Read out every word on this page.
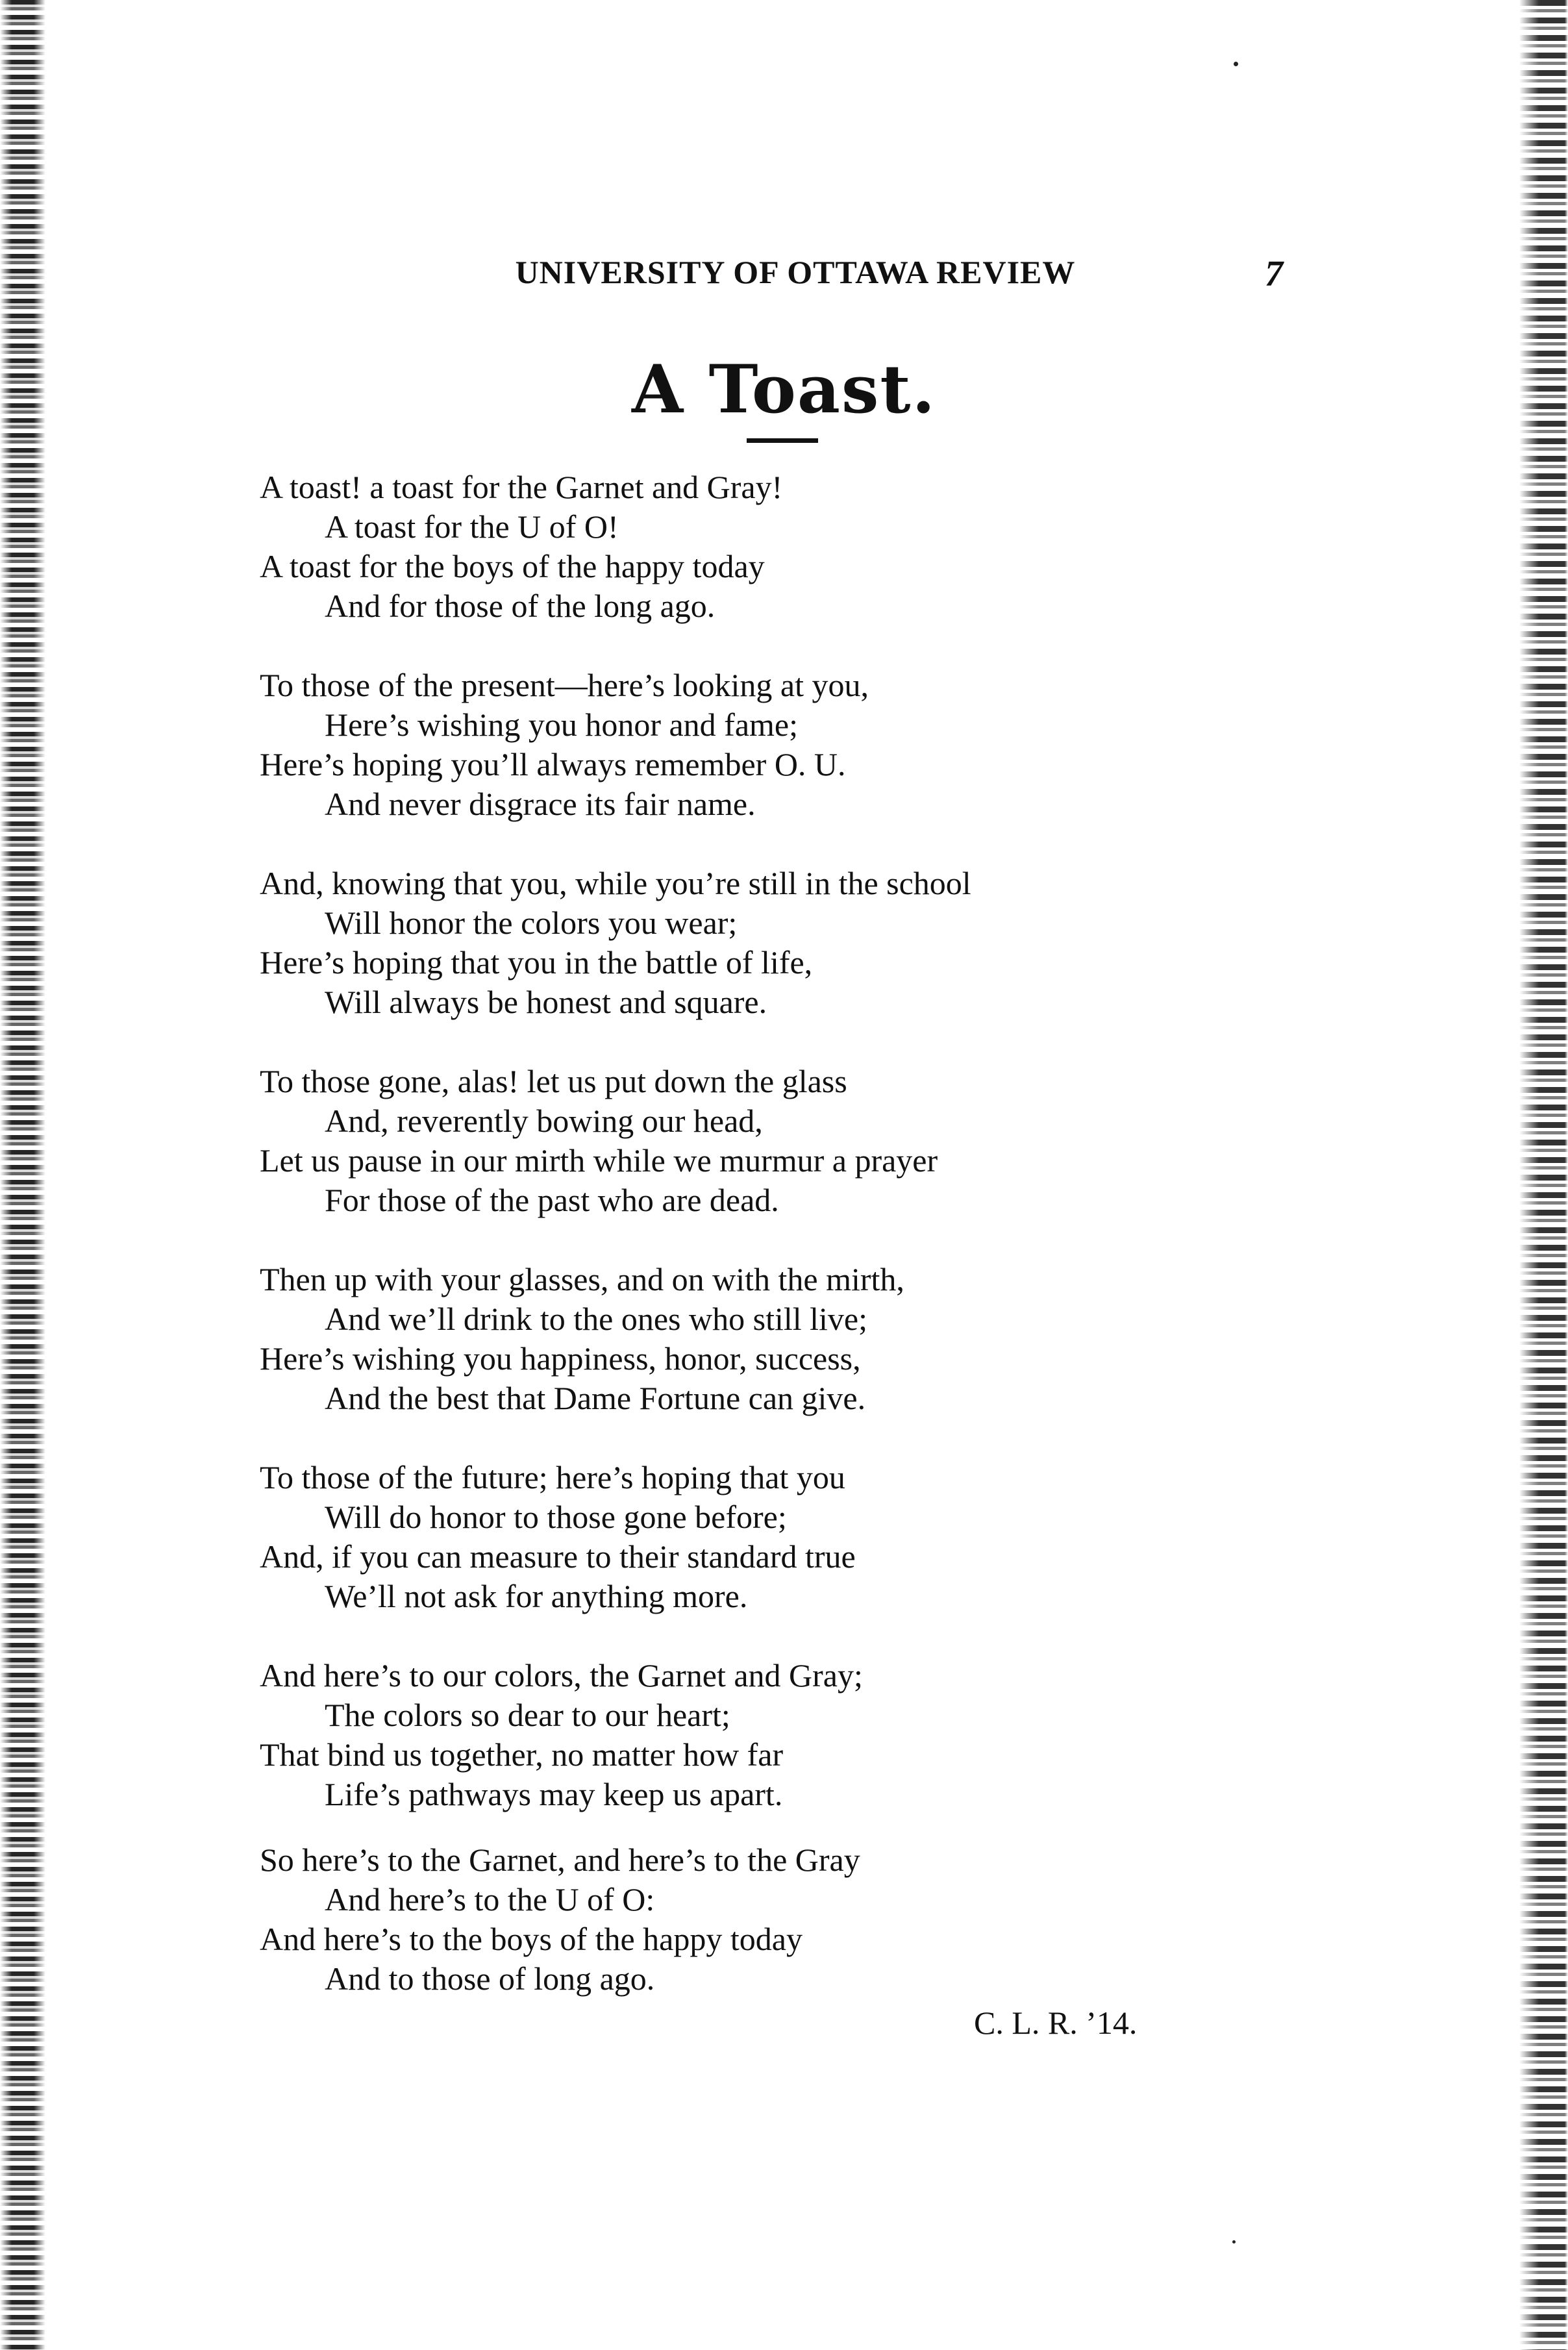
UNIVERSITY OF OTTAWA REVIEW	7
A Toast.
A toast! a toast for the Garnet and Gray!
A toast for the U of O!
A toast for the boys of the happy today
And for those of the long ago.
To those of the present—here’s looking at you,
Here’s wishing you honor and fame;
Here’s hoping you’ll always remember O. U.
And never disgrace its fair name.
And, knowing that you, while you’re still in the school
Will honor the colors you wear;
Here’s hoping that you in the battle of life,
Will always be honest and square.
To those gone, alas! let us put down the glass
And, reverently bowing our head,
Let us pause in our mirth while we murmur a prayer
For those of the past who are dead.
Then up with your glasses, and on with the mirth,
And we’ll drink to the ones who still live;
Here’s wishing you happiness, honor, success,
And the best that Dame Fortune can give.
To those of the future; here’s hoping that you
Will do honor to those gone before;
And, if you can measure to their standard true
We’ll not ask for anything more.
And here’s to our colors, the Garnet and Gray;
The colors so dear to our heart;
That bind us together, no matter how far
Life’s pathways may keep us apart.
So here’s to the Garnet, and here’s to the Gray
And here’s to the U of O:
And here’s to the boys of the happy today
And to those of long ago.
C. L. R. ’14.
